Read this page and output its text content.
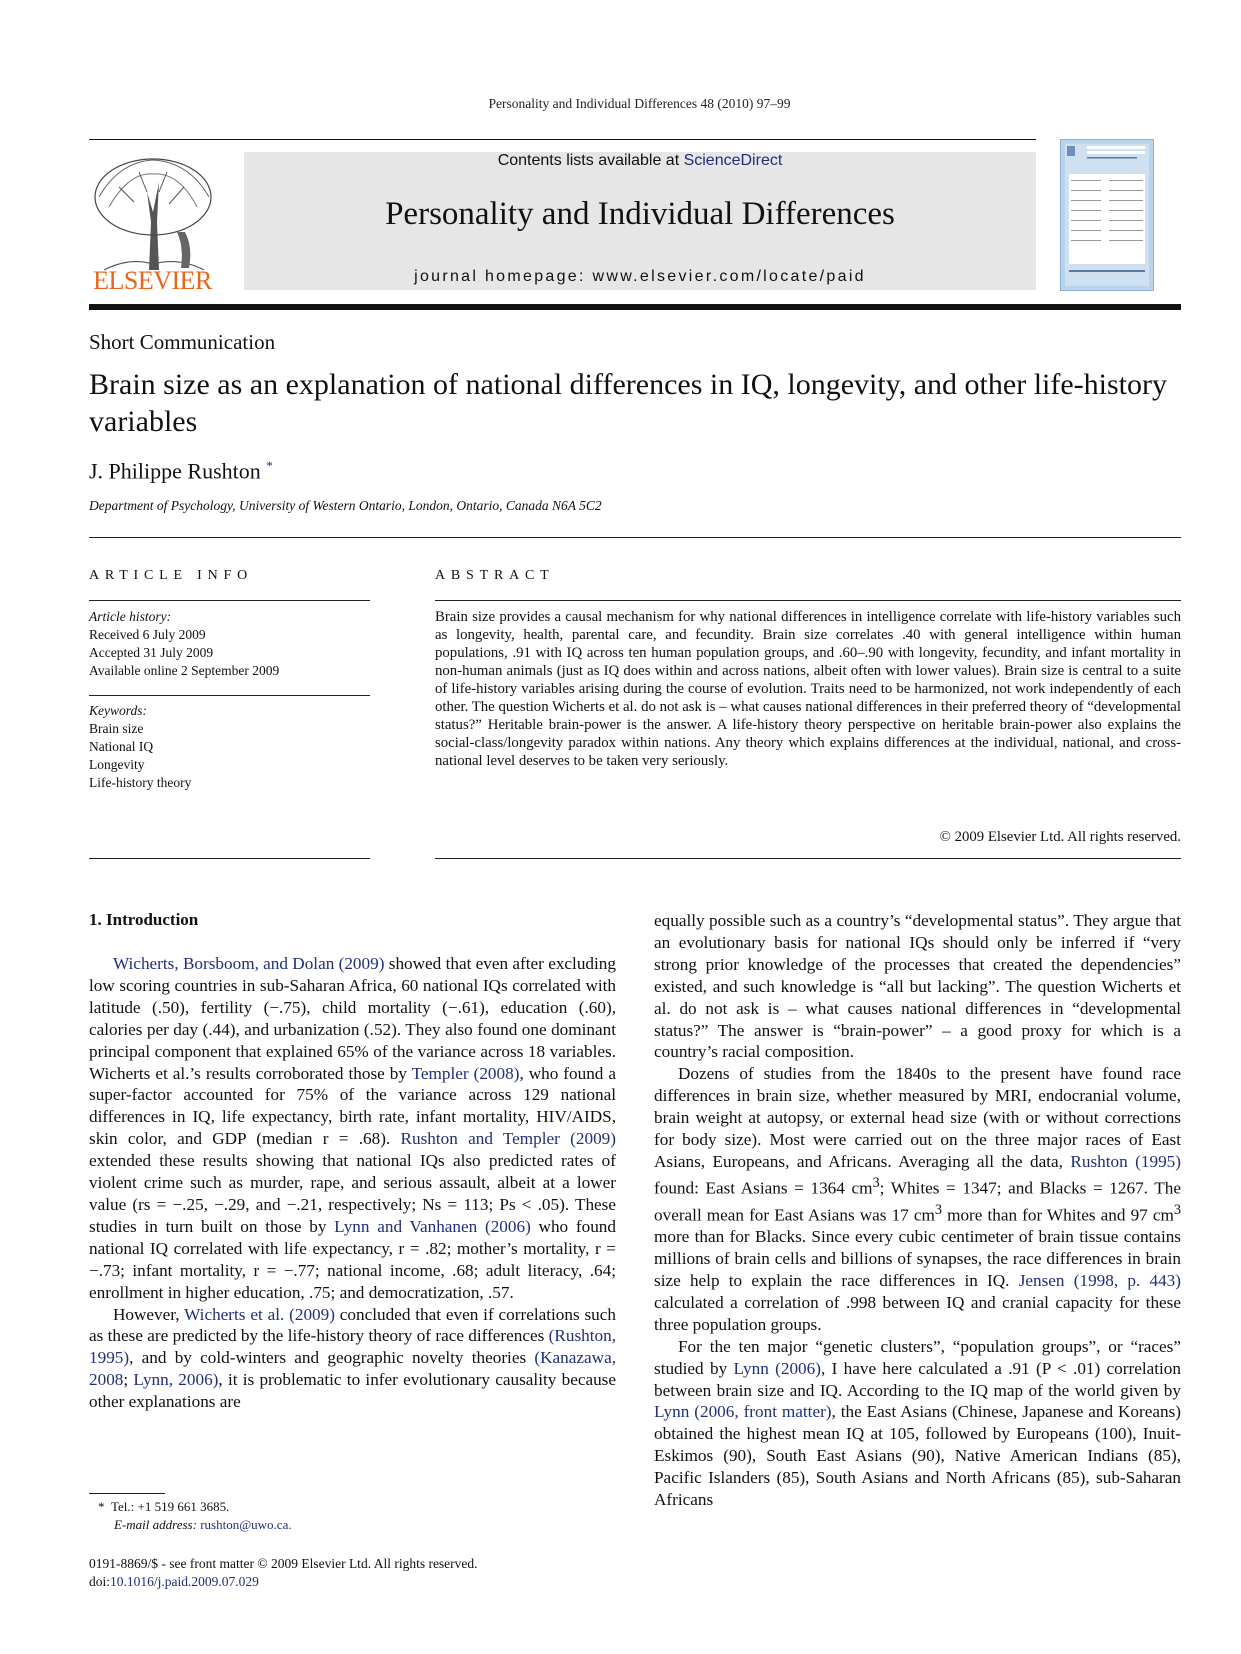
Personality and Individual Differences 48 (2010) 97–99
ELSEVIER
Contents lists available at ScienceDirect
Personality and Individual Differences
journal homepage: www.elsevier.com/locate/paid
Short Communication
Brain size as an explanation of national differences in IQ, longevity, and other life-history variables
J. Philippe Rushton *
Department of Psychology, University of Western Ontario, London, Ontario, Canada N6A 5C2
ARTICLE INFO
Article history:
Received 6 July 2009
Accepted 31 July 2009
Available online 2 September 2009
Keywords:
Brain size
National IQ
Longevity
Life-history theory
ABSTRACT
Brain size provides a causal mechanism for why national differences in intelligence correlate with life-history variables such as longevity, health, parental care, and fecundity. Brain size correlates .40 with general intelligence within human populations, .91 with IQ across ten human population groups, and .60–.90 with longevity, fecundity, and infant mortality in non-human animals (just as IQ does within and across nations, albeit often with lower values). Brain size is central to a suite of life-history variables arising during the course of evolution. Traits need to be harmonized, not work independently of each other. The question Wicherts et al. do not ask is – what causes national differences in their preferred theory of “developmental status?” Heritable brain-power is the answer. A life-history theory perspective on heritable brain-power also explains the social-class/longevity paradox within nations. Any theory which explains differences at the individual, national, and cross-national level deserves to be taken very seriously.
© 2009 Elsevier Ltd. All rights reserved.
1. Introduction

Wicherts, Borsboom, and Dolan (2009) showed that even after excluding low scoring countries in sub-Saharan Africa, 60 national IQs correlated with latitude (.50), fertility (−.75), child mortality (−.61), education (.60), calories per day (.44), and urbanization (.52). They also found one dominant principal component that explained 65% of the variance across 18 variables. Wicherts et al.’s results corroborated those by Templer (2008), who found a super-factor accounted for 75% of the variance across 129 national differences in IQ, life expectancy, birth rate, infant mortality, HIV/AIDS, skin color, and GDP (median r = .68). Rushton and Templer (2009) extended these results showing that national IQs also predicted rates of violent crime such as murder, rape, and serious assault, albeit at a lower value (rs = −.25, −.29, and −.21, respectively; Ns = 113; Ps < .05). These studies in turn built on those by Lynn and Vanhanen (2006) who found national IQ correlated with life expectancy, r = .82; mother’s mortality, r = −.73; infant mortality, r = −.77; national income, .68; adult literacy, .64; enrollment in higher education, .75; and democratization, .57.

However, Wicherts et al. (2009) concluded that even if correlations such as these are predicted by the life-history theory of race differences (Rushton, 1995), and by cold-winters and geographic novelty theories (Kanazawa, 2008; Lynn, 2006), it is problematic to infer evolutionary causality because other explanations are

* Tel.: +1 519 661 3685.
E-mail address: rushton@uwo.ca.
0191-8869/$ - see front matter © 2009 Elsevier Ltd. All rights reserved.
doi:10.1016/j.paid.2009.07.029

equally possible such as a country’s “developmental status”. They argue that an evolutionary basis for national IQs should only be inferred if “very strong prior knowledge of the processes that created the dependencies” existed, and such knowledge is “all but lacking”. The question Wicherts et al. do not ask is – what causes national differences in “developmental status?” The answer is “brain-power” – a good proxy for which is a country’s racial composition.

Dozens of studies from the 1840s to the present have found race differences in brain size, whether measured by MRI, endocranial volume, brain weight at autopsy, or external head size (with or without corrections for body size). Most were carried out on the three major races of East Asians, Europeans, and Africans. Averaging all the data, Rushton (1995) found: East Asians = 1364 $cm^3$; Whites = 1347; and Blacks = 1267. The overall mean for East Asians was 17 $cm^3$ more than for Whites and 97 $cm^3$ more than for Blacks. Since every cubic centimeter of brain tissue contains millions of brain cells and billions of synapses, the race differences in brain size help to explain the race differences in IQ. Jensen (1998, p. 443) calculated a correlation of .998 between IQ and cranial capacity for these three population groups.

For the ten major “genetic clusters”, “population groups”, or “races” studied by Lynn (2006), I have here calculated a .91 (P < .01) correlation between brain size and IQ. According to the IQ map of the world given by Lynn (2006, front matter), the East Asians (Chinese, Japanese and Koreans) obtained the highest mean IQ at 105, followed by Europeans (100), Inuit-Eskimos (90), South East Asians (90), Native American Indians (85), Pacific Islanders (85), South Asians and North Africans (85), sub-Saharan Africans
